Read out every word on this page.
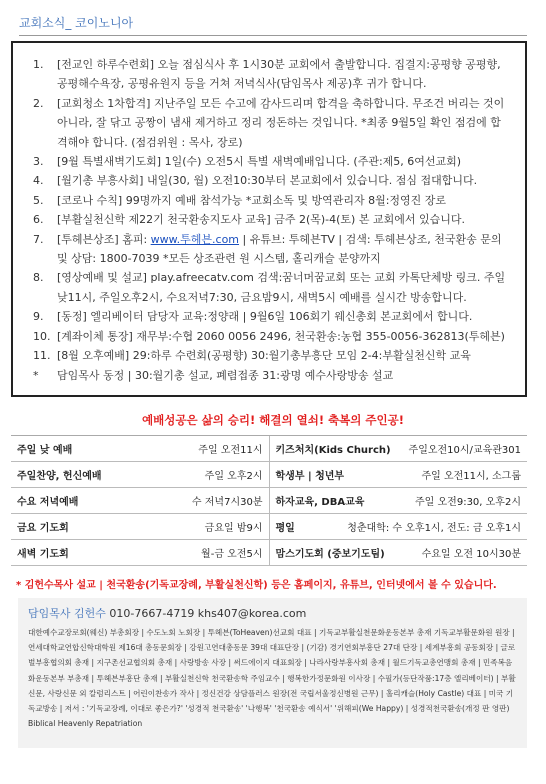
교회소식_ 코이노니아
1.	[전교인 하루수련회] 오늘 점심식사 후 1시30분 교회에서 출발합니다. 집결지:공평향 공평향, 공평해수욕장, 공평유원지 등을 거쳐 저녁식사(담임목사 제공)후 귀가 합니다.
2.	[교회청소 1차합격] 지난주일 모든 수고에 감사드리며 합격을 축하합니다. 무조건 버리는 것이 아니라, 잘 닦고 공짱이 냄새 제거하고 정리 정돈하는 것입니다. *최종 9월5일 확인 점검에 합격해야 합니다. (점검위원 : 목사, 장로)
3.	[9월 특별새벽기도회] 1일(수) 오전5시 특별 새벽예배입니다. (주관:제5, 6여선교회)
4.	[월기총 부흥사회] 내일(30, 월) 오전10:30부터 본교회에서 있습니다. 점심 접대합니다.
5.	[코로나 수칙] 99명까지 예배 참석가능 *교회소독 및 방역관리자 8월:정영진 장로
6.	[부활실천신학 제22기 천국환송지도사 교육] 금주 2(목)-4(토) 본 교회에서 있습니다.
7.	[투헤븐상조] 홈피: www.투헤븐.com | 유튜브: 투헤븐TV | 검색: 투헤븐상조, 천국환송 문의 및 상담: 1800-7039 *모든 상조관련 원 시스템, 홀리캐슬 분양까지
8.	[영상예배 및 설교] play.afreecatv.com 검색:꿈너머꿈교회 또는 교회 카톡단체방 링크. 주일낮11시, 주일오후2시, 수요저녁7:30, 금요밤9시, 새벽5시 예배를 실시간 방송합니다.
9.	[동정] 엘리베이터 담당자 교육:정양래 | 9월6일 106회기 웨신총회 본교회에서 합니다.
10. [계좌이체 통장] 재무부:수협 2060 0056 2496, 천국환송:농협 355-0056-362813(투헤븐)
11. [8월 오후예배] 29:하루 수련회(공평향) 30:월기총부흥단 모임 2-4:부활실천신학 교육
*	담임목사 동정 | 30:월기총 설교, 폐렴접종 31:광명 예수사랑방송 설교
예배성공은 삶의 승리! 해결의 열쇠! 축복의 주인공!
주일 낮 예배	주일 오전11시 키즈처치(Kids Church)	주일오전10시/교육관301
주일찬양, 헌신예배	주일 오후2시 학생부 | 청년부	주일 오전11시, 소그룹
수요 저녁예배	수 저녁7시30분 하자교육, DBA교육	주일 오전9:30, 오후2시
금요 기도회	금요일 밤9시 평일	청춘대학: 수 오후1시, 전도: 금 오후1시
새벽 기도회	월-금 오전5시 맘스기도회 (중보기도팀)	수요일 오전 10시30분
* 김헌수목사 설교 | 천국환송(기독교장례, 부활실천신학) 등은 홈페이지, 유튜브, 인터넷에서 볼 수 있습니다.
담임목사 김헌수 010-7667-4719 khs407@korea.com
대한예수교장로회(웨신) 부총회장 | 수도노회 노회장 | 투헤븐(ToHeaven)선교회 대표 | 기독교부활실천문화운동본부 총재 기독교부활문화원 원장 | 연세대학교연합신학대학원 제16대 총동문회장 | 강원고연대총동문 39대 대표단장 | (기감) 경기연회부흥단 27대 단장 | 세계부흥회 공동회장 | 글로벌부흥협의회 총재 | 지구촌선교협의회 총재 | 사랑방송 사장 | 써드에이지 대표회장 | 나라사랑부흥사회 총재 | 월드기독교총연맹회 총재 | 민족복음화운동본부 부총재 | 투헤븐부흥단 총재 | 부활실천신학 천국환송학 주임교수 | 행복한가정문화원 이사장 | 수필가(등단작품:17층 엘리베이터) | 부활신문, 사랑신문 외 칼럼리스트 | 어린이찬송가 작사 | 정신건강 상담플러스 원장(전 국립서울정신병원 근무) | 홀리캐슬(Holy Castle) 대표 | 미국 기독교방송 | 저서 : '기독교장례, 이대로 좋은가?' '성경적 천국환송' '나행복' '천국환송 예식서' '위해피(We Happy) | 성경적천국환송(개정 판 영판) Biblical Heavenly Repatriation
